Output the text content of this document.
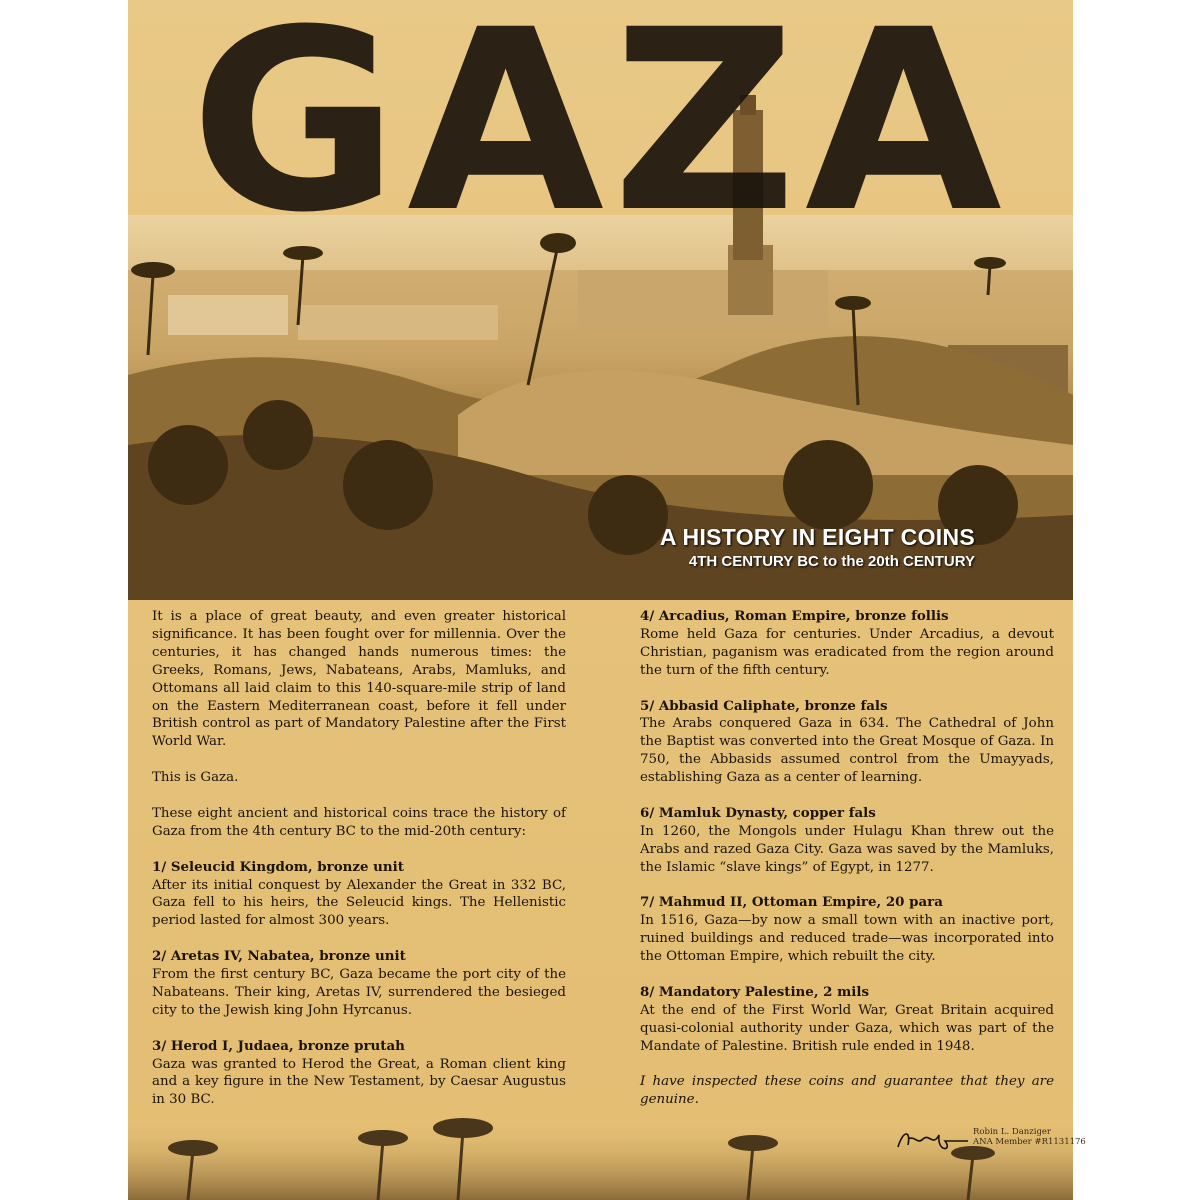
GAZA
A HISTORY IN EIGHT COINS
4TH CENTURY BC to the 20th CENTURY

It is a place of great beauty, and even greater historical significance. It has been fought over for millennia. Over the centuries, it has changed hands numerous times: the Greeks, Romans, Jews, Nabateans, Arabs, Mamluks, and Ottomans all laid claim to this 140-square-mile strip of land on the Eastern Mediterranean coast, before it fell under British control as part of Mandatory Palestine after the First World War.

This is Gaza.

These eight ancient and historical coins trace the history of Gaza from the 4th century BC to the mid-20th century:

1/ Seleucid Kingdom, bronze unit

After its initial conquest by Alexander the Great in 332 BC, Gaza fell to his heirs, the Seleucid kings. The Hellenistic period lasted for almost 300 years.

2/ Aretas IV, Nabatea, bronze unit

From the first century BC, Gaza became the port city of the Nabateans. Their king, Aretas IV, surrendered the besieged city to the Jewish king John Hyrcanus.

3/ Herod I, Judaea, bronze prutah

Gaza was granted to Herod the Great, a Roman client king and a key figure in the New Testament, by Caesar Augustus in 30 BC.

4/ Arcadius, Roman Empire, bronze follis

Rome held Gaza for centuries. Under Arcadius, a devout Christian, paganism was eradicated from the region around the turn of the fifth century.

5/ Abbasid Caliphate, bronze fals

The Arabs conquered Gaza in 634. The Cathedral of John the Baptist was converted into the Great Mosque of Gaza. In 750, the Abbasids assumed control from the Umayyads, establishing Gaza as a center of learning.

6/ Mamluk Dynasty, copper fals

In 1260, the Mongols under Hulagu Khan threw out the Arabs and razed Gaza City. Gaza was saved by the Mamluks, the Islamic “slave kings” of Egypt, in 1277.

7/ Mahmud II, Ottoman Empire, 20 para

In 1516, Gaza—by now a small town with an inactive port, ruined buildings and reduced trade—was incorporated into the Ottoman Empire, which rebuilt the city.

8/ Mandatory Palestine, 2 mils

At the end of the First World War, Great Britain acquired quasi-colonial authority under Gaza, which was part of the Mandate of Palestine. British rule ended in 1948.

I have inspected these coins and guarantee that they are genuine.

Robin L. Danziger
ANA Member #R1131176
